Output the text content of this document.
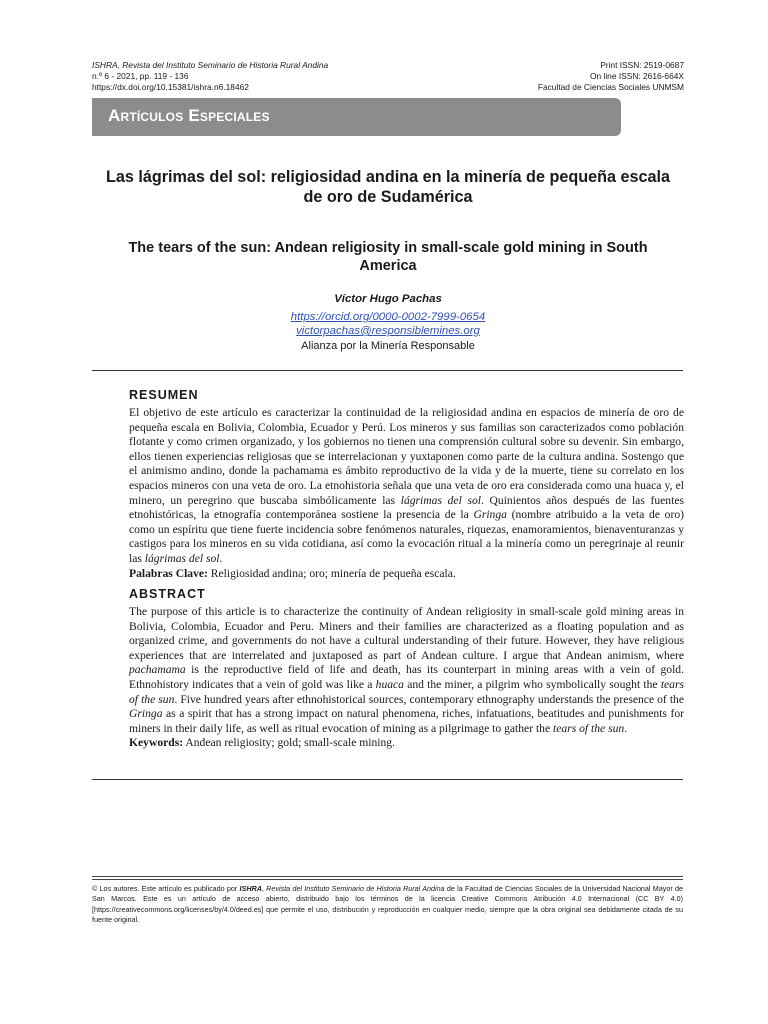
ISHRA, Revista del Instituto Seminario de Historia Rural Andina
n.º 6 - 2021, pp. 119 - 136
https://dx.doi.org/10.15381/ishra.n6.18462
Print ISSN: 2519-0687
On line ISSN: 2616-664X
Facultad de Ciencias Sociales UNMSM
Artículos Especiales
Las lágrimas del sol: religiosidad andina en la minería de pequeña escala de oro de Sudamérica
The tears of the sun: Andean religiosity in small-scale gold mining in South America
Víctor Hugo Pachas
https://orcid.org/0000-0002-7999-0654
victorpachas@responsiblemines.org
Alianza por la Minería Responsable
RESUMEN

El objetivo de este artículo es caracterizar la continuidad de la religiosidad andina en espacios de minería de oro de pequeña escala en Bolivia, Colombia, Ecuador y Perú. Los mineros y sus familias son caracterizados como población flotante y como crimen organizado, y los gobiernos no tienen una comprensión cultural sobre su devenir. Sin embargo, ellos tienen experiencias religiosas que se interrelacionan y yuxtaponen como parte de la cultura andina. Sostengo que el animismo andino, donde la pachamama es ámbito reproductivo de la vida y de la muerte, tiene su correlato en los espacios mineros con una veta de oro. La etnohistoria señala que una veta de oro era considerada como una huaca y, el minero, un peregrino que buscaba simbólicamente las lágrimas del sol. Quinientos años después de las fuentes etnohistóricas, la etnografía contemporánea sostiene la presencia de la Gringa (nombre atribuido a la veta de oro) como un espíritu que tiene fuerte incidencia sobre fenómenos naturales, riquezas, enamoramientos, bienaventuranzas y castigos para los mineros en su vida cotidiana, así como la evocación ritual a la minería como un peregrinaje al reunir las lágrimas del sol.

Palabras Clave: Religiosidad andina; oro; minería de pequeña escala.

ABSTRACT

The purpose of this article is to characterize the continuity of Andean religiosity in small-scale gold mining areas in Bolivia, Colombia, Ecuador and Peru. Miners and their families are characterized as a floating population and as organized crime, and governments do not have a cultural understanding of their future. However, they have religious experiences that are interrelated and juxtaposed as part of Andean culture. I argue that Andean animism, where pachamama is the reproductive field of life and death, has its counterpart in mining areas with a vein of gold. Ethnohistory indicates that a vein of gold was like a huaca and the miner, a pilgrim who symbolically sought the tears of the sun. Five hundred years after ethnohistorical sources, contemporary ethnography understands the presence of the Gringa as a spirit that has a strong impact on natural phenomena, riches, infatuations, beatitudes and punishments for miners in their daily life, as well as ritual evocation of mining as a pilgrimage to gather the tears of the sun.

Keywords: Andean religiosity; gold; small-scale mining.

© Los autores. Este artículo es publicado por ISHRA, Revista del Instituto Seminario de Historia Rural Andina de la Facultad de Ciencias Sociales de la Universidad Nacional Mayor de San Marcos. Este es un artículo de acceso abierto, distribuido bajo los términos de la licencia Creative Commons Atribución 4.0 Internacional (CC BY 4.0) [https://creativecommons.org/licenses/by/4.0/deed.es] que permite el uso, distribución y reproducción en cualquier medio, siempre que la obra original sea debidamente citada de su fuente original.
